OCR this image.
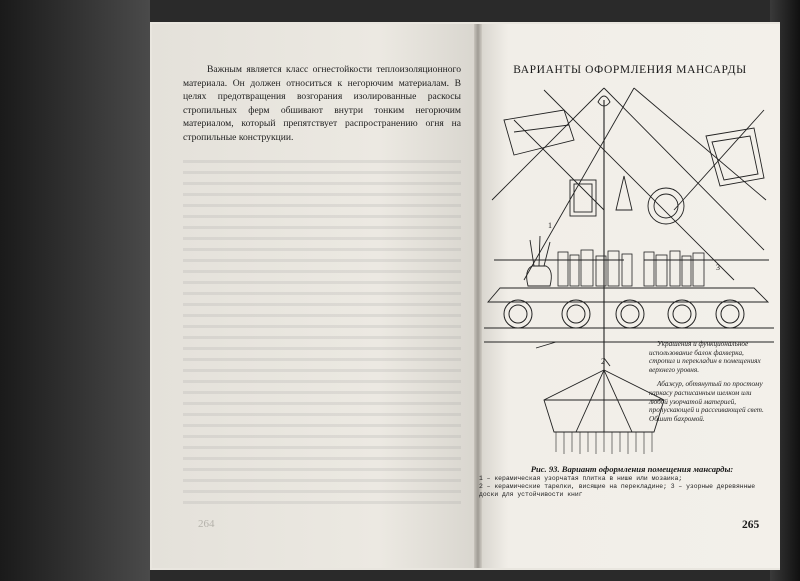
Важным является класс огнестойкости теплоизоляционного материала. Он должен относиться к негорючим материалам. В целях предотвращения возгорания изолированные раскосы стропильных ферм обшивают внутри тонким негорючим материалом, который препятствует распространению огня на стропильные конструкции.

264
ВАРИАНТЫ ОФОРМЛЕНИЯ МАНСАРДЫ
1
3
2

Украшения и функциональное использование балок фахверка, стропил и перекладин в помещениях верхнего уровня.

Абажур, обтянутый по простому каркасу расписанным шелком или любой узорчатой материей, пропускающей и рассеивающей свет. Обшит бахромой.

Рис. 93. Вариант оформления помещения мансарды:
1 – керамическая узорчатая плитка в нише или мозаика;
2 – керамические тарелки, висящие на перекладине; 3 – узорные деревянные доски для устойчивости книг
265
